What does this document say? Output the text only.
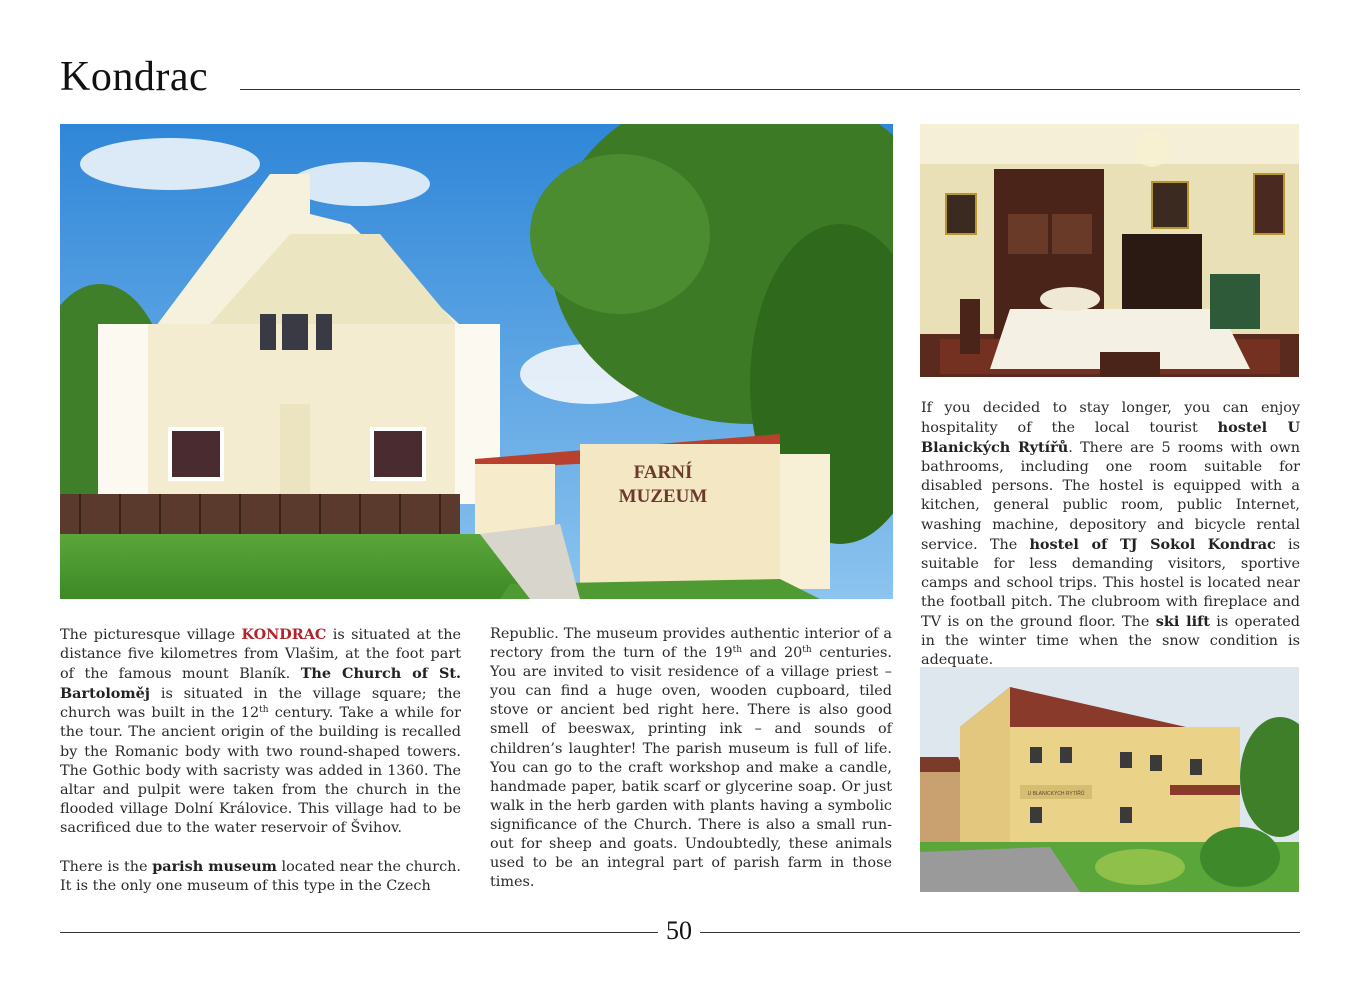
Kondrac
FARNÍ
MUZEUM
U BLANICKÝCH RYTÍŘŮ

The picturesque village KONDRAC is situated at the distance five kilometres from Vlašim, at the foot part of the famous mount Blaník. The Church of St. Bartoloměj is situated in the village square; the church was built in the 12th century. Take a while for the tour. The ancient origin of the building is recalled by the Romanic body with two round-shaped towers. The Gothic body with sacristy was added in 1360. The altar and pulpit were taken from the church in the flooded village Dolní Královice. This village had to be sacrificed due to the water reservoir of Švihov.

There is the parish museum located near the church. It is the only one museum of this type in the Czech

Republic. The museum provides authentic interior of a rectory from the turn of the 19th and 20th centuries. You are invited to visit residence of a village priest – you can find a huge oven, wooden cupboard, tiled stove or ancient bed right here. There is also good smell of beeswax, printing ink – and sounds of children’s laughter! The parish museum is full of life. You can go to the craft workshop and make a candle, handmade paper, batik scarf or glycerine soap. Or just walk in the herb garden with plants having a symbolic significance of the Church. There is also a small run-out for sheep and goats. Undoubtedly, these animals used to be an integral part of parish farm in those times.

If you decided to stay longer, you can enjoy hospitality of the local tourist hostel U Blanických Rytířů. There are 5 rooms with own bathrooms, including one room suitable for disabled persons. The hostel is equipped with a kitchen, general public room, public Internet, washing machine, depository and bicycle rental service. The hostel of TJ Sokol Kondrac is suitable for less demanding visitors, sportive camps and school trips. This hostel is located near the football pitch. The clubroom with fireplace and TV is on the ground floor. The ski lift is operated in the winter time when the snow condition is adequate.

50
